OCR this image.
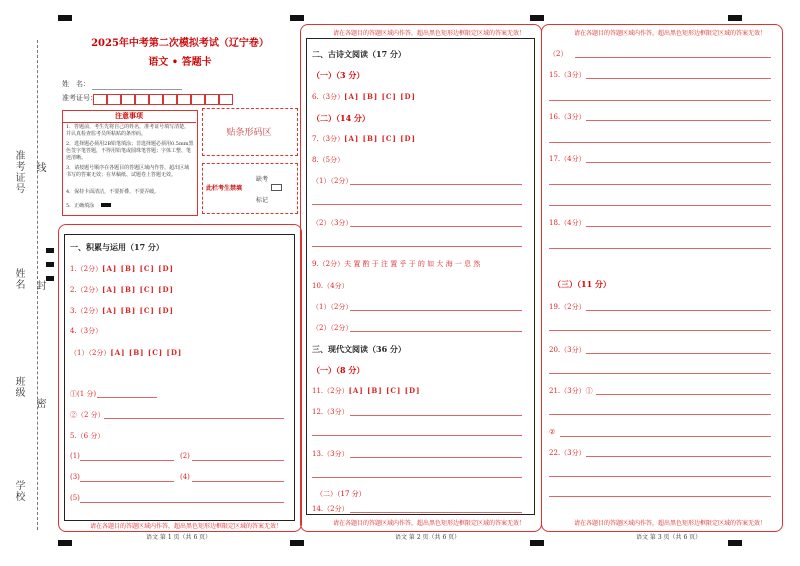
准考证号 线
姓名 封
班级
密
学校
2025年中考第二次模拟考试（辽宁卷）
语文 • 答题卡
姓　名：
准考证号：
注意事项
1．答题前，考生先将自己的姓名，准考证号填写清楚，并认真检查监考员所粘贴的条形码。
2．选择题必须用2B铅笔填涂；非选择题必须用0.5mm黑色签字笔答题，不得用铅笔或圆珠笔答题；字体工整、笔迹清晰。
3．请按题号顺序在各题目的答题区域内作答，超出区域书写的答案无效；在草稿纸、试题卷上答题无效。
4．保持卡面清洁，不要折叠、不要弄破。
5．正确填涂
贴条形码区
此栏考生禁填
缺考
标记
请在各题目的答题区域内作答，超出黑色矩形边框限定区域的答案无效！
语文 第 1 页（共 6 页）
一、积累与运用（17 分）
1.（2分）[A] [B] [C] [D]
2.（2分）[A] [B] [C] [D]
3.（2分）[A] [B] [C] [D]
4.（3分）
（1）（2分）[A] [B] [C] [D]
①(1 分)
②（2 分）
5.（6 分）
(1)	(2)
(3)	(4)
(5)
请在各题目的答题区域内作答，超出黑色矩形边框限定区域的答案无效！
请在各题目的答题区域内作答，超出黑色矩形边框限定区域的答案无效！
语文 第 2 页（共 6 页）
二、古诗文阅读（17 分）
（一）（3 分）
6.（3分）[A] [B] [C] [D]
（二）（14 分）
7.（3分）[A] [B] [C] [D]
8.（5分）
（1）（2分）
（2）（3分）
9.（2分）夫 置 酌 于 注 置 乎 于 的 如 大 海 一 息 然
10.（4分）
（1）（2分）
（2）（2分）
三、现代文阅读（36 分）
（一）（8 分）
11.（2分）[A] [B] [C] [D]
12.（3分）
13.（3分）
（二）（17 分）
14.（2分）
请在各题目的答题区域内作答，超出黑色矩形边框限定区域的答案无效！
请在各题目的答题区域内作答，超出黑色矩形边框限定区域的答案无效！
语文 第 3 页（共 6 页）
（2）
15.（3分）
16.（3分）
17.（4分）
18.（4分）
（三）（11 分）
19.（2分）
20.（3分）
21.（3分）①
②
22.（3分）
